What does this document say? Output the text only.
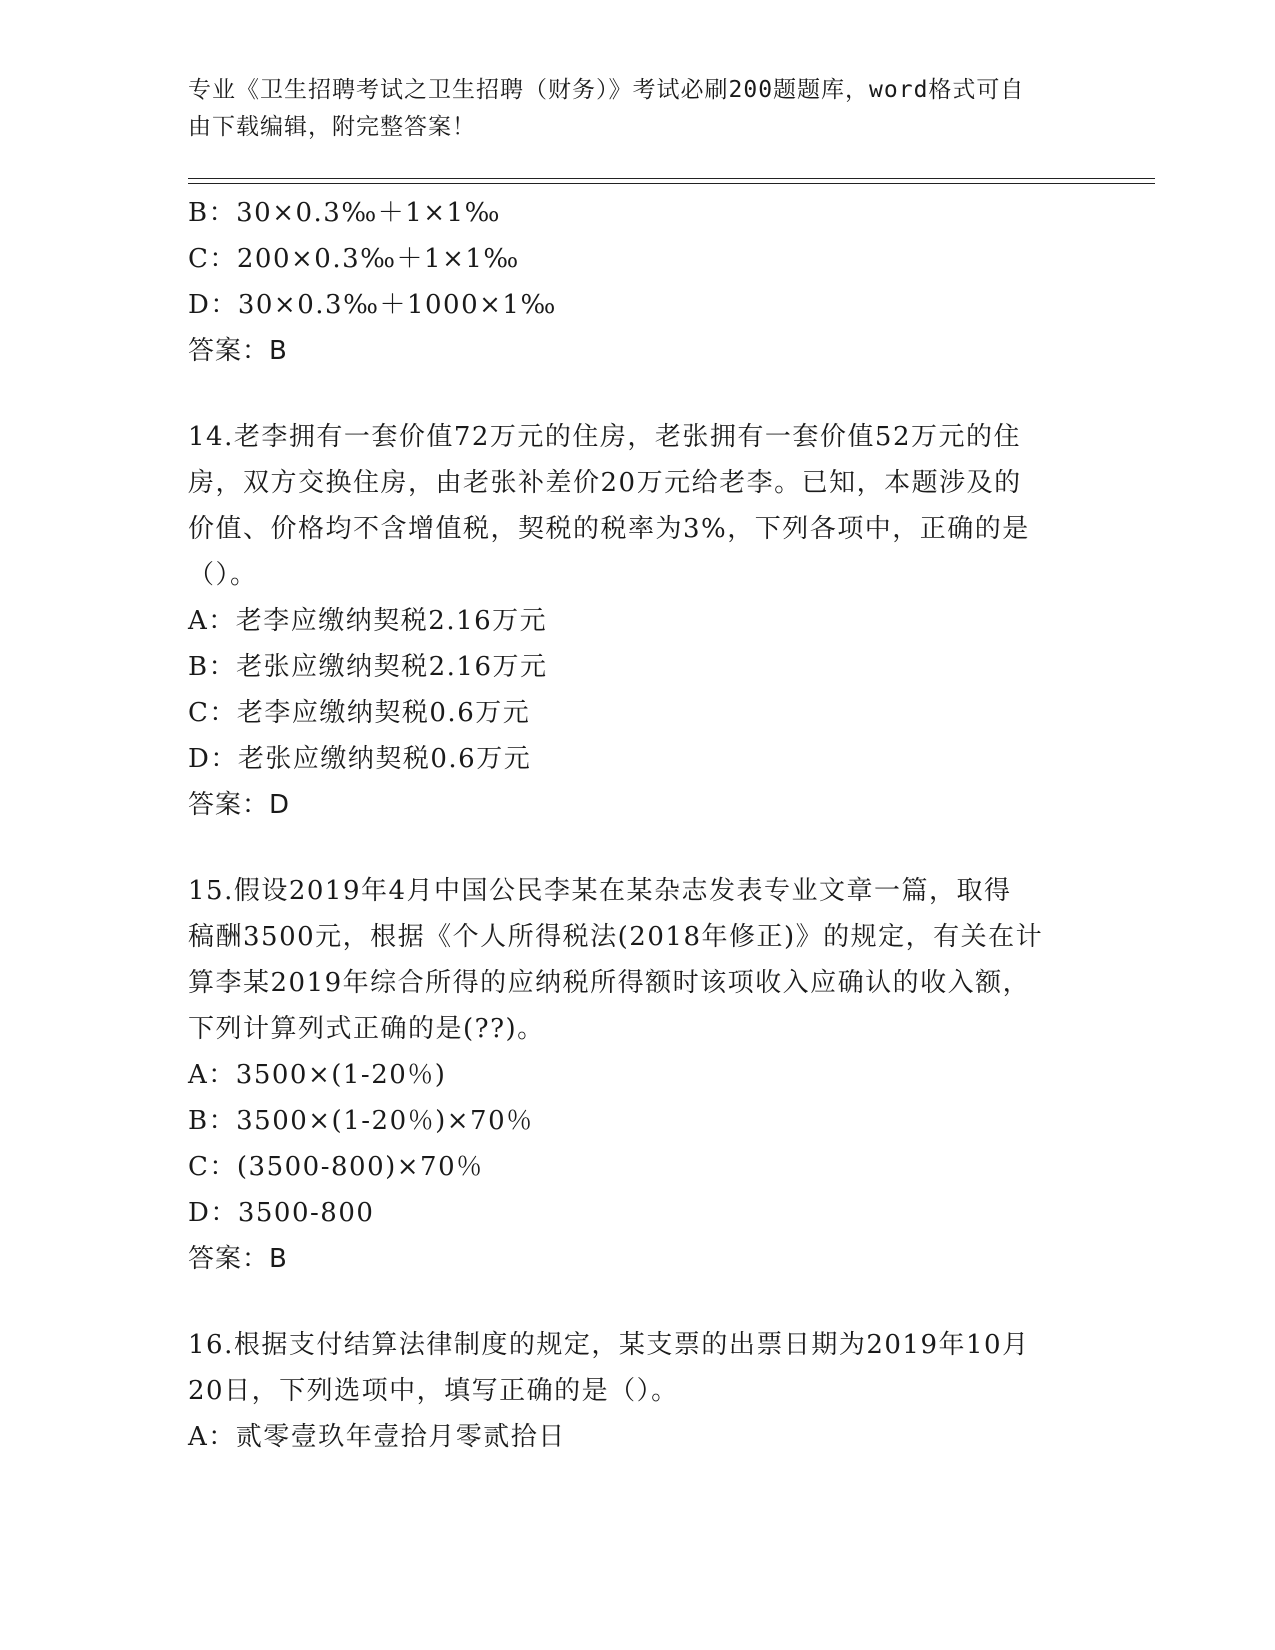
专业《卫生招聘考试之卫生招聘（财务）》考试必刷200题题库，word格式可自
由下载编辑，附完整答案！
B：30×0.3‰＋1×1‰
C：200×0.3‰＋1×1‰
D：30×0.3‰＋1000×1‰
答案：B
14.老李拥有一套价值72万元的住房，老张拥有一套价值52万元的住
房，双方交换住房，由老张补差价20万元给老李。已知，本题涉及的
价值、价格均不含增值税，契税的税率为3%，下列各项中，正确的是
（）。
A：老李应缴纳契税2.16万元
B：老张应缴纳契税2.16万元
C：老李应缴纳契税0.6万元
D：老张应缴纳契税0.6万元
答案：D
15.假设2019年4月中国公民李某在某杂志发表专业文章一篇，取得
稿酬3500元，根据《个人所得税法(2018年修正)》的规定，有关在计
算李某2019年综合所得的应纳税所得额时该项收入应确认的收入额，
下列计算列式正确的是(??)。
A：3500×(1-20％)
B：3500×(1-20％)×70％
C：(3500-800)×70％
D：3500-800
答案：B
16.根据支付结算法律制度的规定，某支票的出票日期为2019年10月
20日，下列选项中，填写正确的是（）。
A：贰零壹玖年壹拾月零贰拾日
